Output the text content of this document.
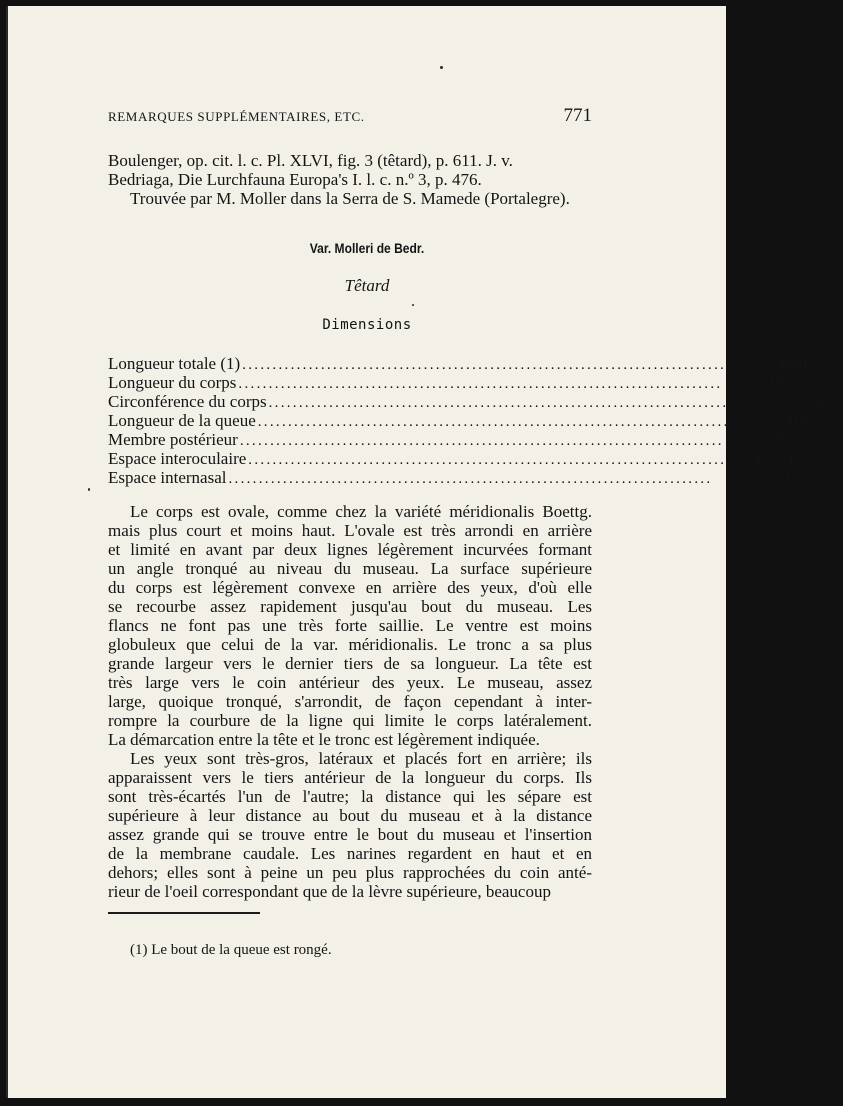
REMARQUES SUPPLÉMENTAIRES, ETC.	771
Boulenger, op. cit. l. c. Pl. XLVI, fig. 3 (têtard), p. 611. J. v.
Bedriaga, Die Lurchfauna Europa's I. l. c. n.º 3, p. 476.
Trouvée par M. Moller dans la Serra de S. Mamede (Portalegre).
Var. Molleri de Bedr.
Têtard
Dimensions
Longueur totale (1) ................................................................................	34mm.
Longueur du corps ................................................................................	15¹/₂ »
Circonférence du corps ................................................................................	26 »
Longueur de la queue ................................................................................	18¹/₂ »
Membre postérieur ................................................................................	10¹/₂ »
Espace interoculaire ................................................................................	4¹/₄–4¹/₂ »
Espace internasal ................................................................................	3 »
Le corps est ovale, comme chez la variété méridionalis Boettg.
mais plus court et moins haut. L'ovale est très arrondi en arrière
et limité en avant par deux lignes légèrement incurvées formant
un angle tronqué au niveau du museau. La surface supérieure
du corps est légèrement convexe en arrière des yeux, d'où elle
se recourbe assez rapidement jusqu'au bout du museau. Les
flancs ne font pas une très forte saillie. Le ventre est moins
globuleux que celui de la var. méridionalis. Le tronc a sa plus
grande largeur vers le dernier tiers de sa longueur. La tête est
très large vers le coin antérieur des yeux. Le museau, assez
large, quoique tronqué, s'arrondit, de façon cependant à inter-
rompre la courbure de la ligne qui limite le corps latéralement.
La démarcation entre la tête et le tronc est légèrement indiquée.
Les yeux sont très-gros, latéraux et placés fort en arrière; ils
apparaissent vers le tiers antérieur de la longueur du corps. Ils
sont très-écartés l'un de l'autre; la distance qui les sépare est
supérieure à leur distance au bout du museau et à la distance
assez grande qui se trouve entre le bout du museau et l'insertion
de la membrane caudale. Les narines regardent en haut et en
dehors; elles sont à peine un peu plus rapprochées du coin anté-
rieur de l'oeil correspondant que de la lèvre supérieure, beaucoup
(1) Le bout de la queue est rongé.
